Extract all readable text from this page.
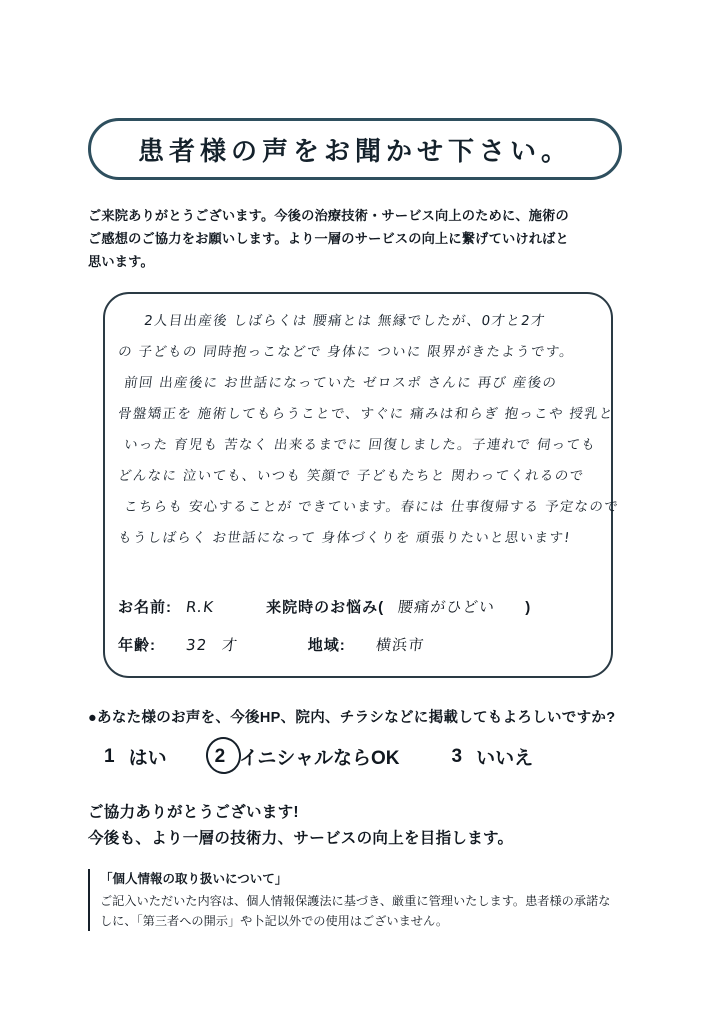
患者様の声をお聞かせ下さい。
ご来院ありがとうございます。今後の治療技術・サービス向上のために、施術の
ご感想のご協力をお願いします。より一層のサービスの向上に繋げていければと
思います。
2人目出産後 しばらくは 腰痛とは 無縁でしたが、0才と2才
の 子どもの 同時抱っこなどで 身体に ついに 限界がきたようです。
前回 出産後に お世話になっていた ゼロスポ さんに 再び 産後の
骨盤矯正を 施術してもらうことで、すぐに 痛みは和らぎ 抱っこや 授乳と
いった 育児も 苦なく 出来るまでに 回復しました。子連れで 伺っても
どんなに 泣いても、いつも 笑顔で 子どもたちと 関わってくれるので
こちらも 安心することが できています。春には 仕事復帰する 予定なので
もうしばらく お世話になって 身体づくりを 頑張りたいと思います!
お名前: R.K	来院時のお悩み( 腰痛がひどい )
年齢: 32 才	地域: 横浜市
●あなた様のお声を、今後HP、院内、チラシなどに掲載してもよろしいですか?
1 はい	2 イニシャルならOK	3 いいえ
ご協力ありがとうございます!
今後も、より一層の技術力、サービスの向上を目指します。
「個人情報の取り扱いについて」
ご記入いただいた内容は、個人情報保護法に基づき、厳重に管理いたします。患者様の承諾な
しに、「第三者への開示」や卜記以外での使用はございません。
